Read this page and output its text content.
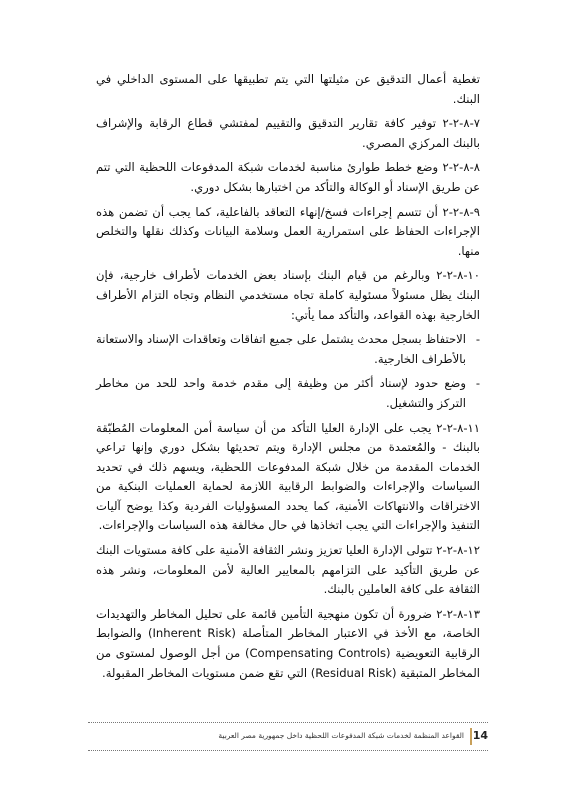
تغطية أعمال التدقيق عن مثيلتها التي يتم تطبيقها على المستوى الداخلي في البنك.

٧-٨-٢-٢ توفير كافة تقارير التدقيق والتقييم لمفتشي قطاع الرقابة والإشراف بالبنك المركزي المصري.

٨-٨-٢-٢ وضع خطط طوارئ مناسبة لخدمات شبكة المدفوعات اللحظية التي تتم عن طريق الإسناد أو الوكالة والتأكد من اختبارها بشكل دوري.

٩-٨-٢-٢ أن تتسم إجراءات فسخ/إنهاء التعاقد بالفاعلية، كما يجب أن تضمن هذه الإجراءات الحفاظ على استمرارية العمل وسلامة البيانات وكذلك نقلها والتخلص منها.

١٠-٨-٢-٢ وبالرغم من قيام البنك بإسناد بعض الخدمات لأطراف خارجية، فإن البنك يظل مسئولاً مسئولية كاملة تجاه مستخدمي النظام وتجاه التزام الأطراف الخارجية بهذه القواعد، والتأكد مما يأتي:

-
الاحتفاظ بسجل محدث يشتمل على جميع اتفاقات وتعاقدات الإسناد والاستعانة بالأطراف الخارجية.
-
وضع حدود لإسناد أكثر من وظيفة إلى مقدم خدمة واحد للحد من مخاطر التركز والتشغيل.

١١-٨-٢-٢ يجب على الإدارة العليا التأكد من أن سياسة أمن المعلومات المُطبّقة بالبنك - والمُعتمدة من مجلس الإدارة ويتم تحديثها بشكل دوري وإنها تراعي الخدمات المقدمة من خلال شبكة المدفوعات اللحظية، ويسهم ذلك في تحديد السياسات والإجراءات والضوابط الرقابية اللازمة لحماية العمليات البنكية من الاختراقات والانتهاكات الأمنية، كما يحدد المسؤوليات الفردية وكذا يوضح آليات التنفيذ والإجراءات التي يجب اتخاذها في حال مخالفة هذه السياسات والإجراءات.

١٢-٨-٢-٢ تتولى الإدارة العليا تعزيز ونشر الثقافة الأمنية على كافة مستويات البنك عن طريق التأكيد على التزامهم بالمعايير العالية لأمن المعلومات، ونشر هذه الثقافة على كافة العاملين بالبنك.

١٣-٨-٢-٢ ضرورة أن تكون منهجية التأمين قائمة على تحليل المخاطر والتهديدات الخاصة، مع الأخذ في الاعتبار المخاطر المتأصلة (Inherent Risk) والضوابط الرقابية التعويضية (Compensating Controls) من أجل الوصول لمستوى من المخاطر المتبقية (Residual Risk) التي تقع ضمن مستويات المخاطر المقبولة.

القواعد المنظمة لخدمات شبكة المدفوعات اللحظية داخل جمهورية مصر العربية 14
